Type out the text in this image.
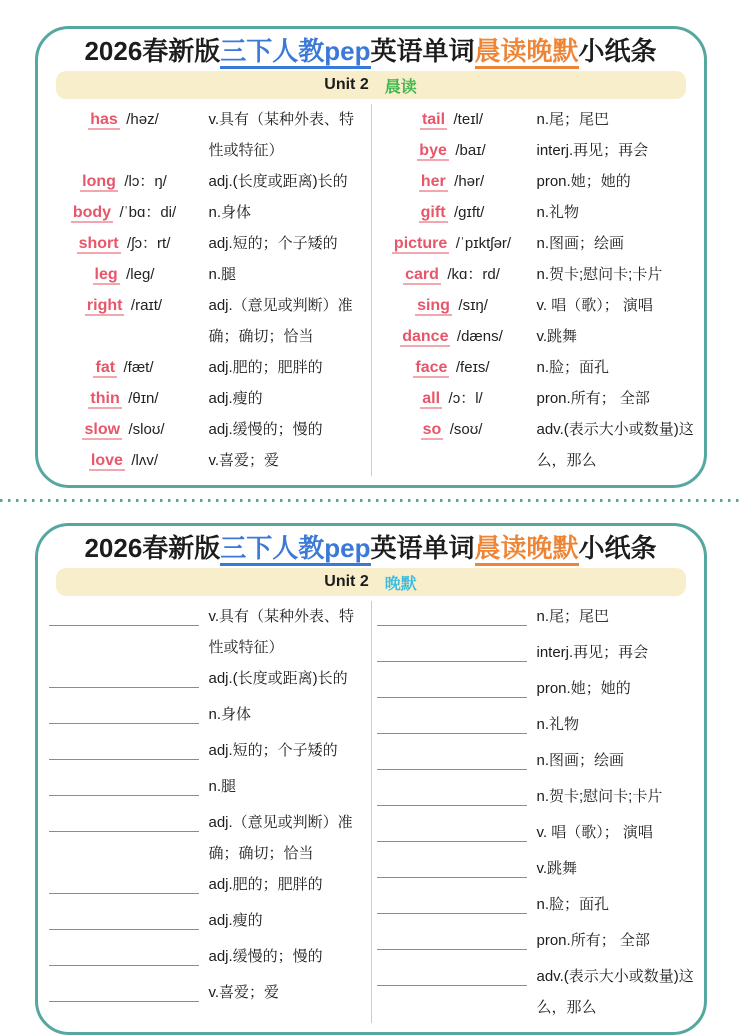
2026春新版三下人教pep英语单词晨读晚默小纸条
Unit 2 晨读
has /həz/	v.具有（某种外表、特性或特征）
long /lɔ：ŋ/	adj.(长度或距离)长的
body /ˈbɑ：di/	n.身体
short /ʃɔ：rt/	adj.短的；个子矮的
leg /leg/	n.腿
right /raɪt/	adj.（意见或判断）准确；确切；恰当
fat /fæt/	adj.肥的；肥胖的
thin /θɪn/	adj.瘦的
slow /sloʊ/	adj.缓慢的；慢的
love /lʌv/	v.喜爱；爱
tail /teɪl/	n.尾；尾巴
bye /baɪ/	interj.再见；再会
her /hər/	pron.她；她的
gift /gɪft/	n.礼物
picture /ˈpɪktʃər/	n.图画；绘画
card /kɑ：rd/	n.贺卡;慰问卡;卡片
sing /sɪŋ/	v. 唱（歌）； 演唱
dance /dæns/	v.跳舞
face /feɪs/	n.脸；面孔
all /ɔ：l/	pron.所有； 全部
so /soʊ/	adv.(表示大小或数量)这么，那么
2026春新版三下人教pep英语单词晨读晚默小纸条
Unit 2 晚默
v.具有（某种外表、特性或特征）
adj.(长度或距离)长的
n.身体
adj.短的；个子矮的
n.腿
adj.（意见或判断）准确；确切；恰当
adj.肥的；肥胖的
adj.瘦的
adj.缓慢的；慢的
v.喜爱；爱
n.尾；尾巴
interj.再见；再会
pron.她；她的
n.礼物
n.图画；绘画
n.贺卡;慰问卡;卡片
v. 唱（歌）； 演唱
v.跳舞
n.脸；面孔
pron.所有； 全部
adv.(表示大小或数量)这么，那么
